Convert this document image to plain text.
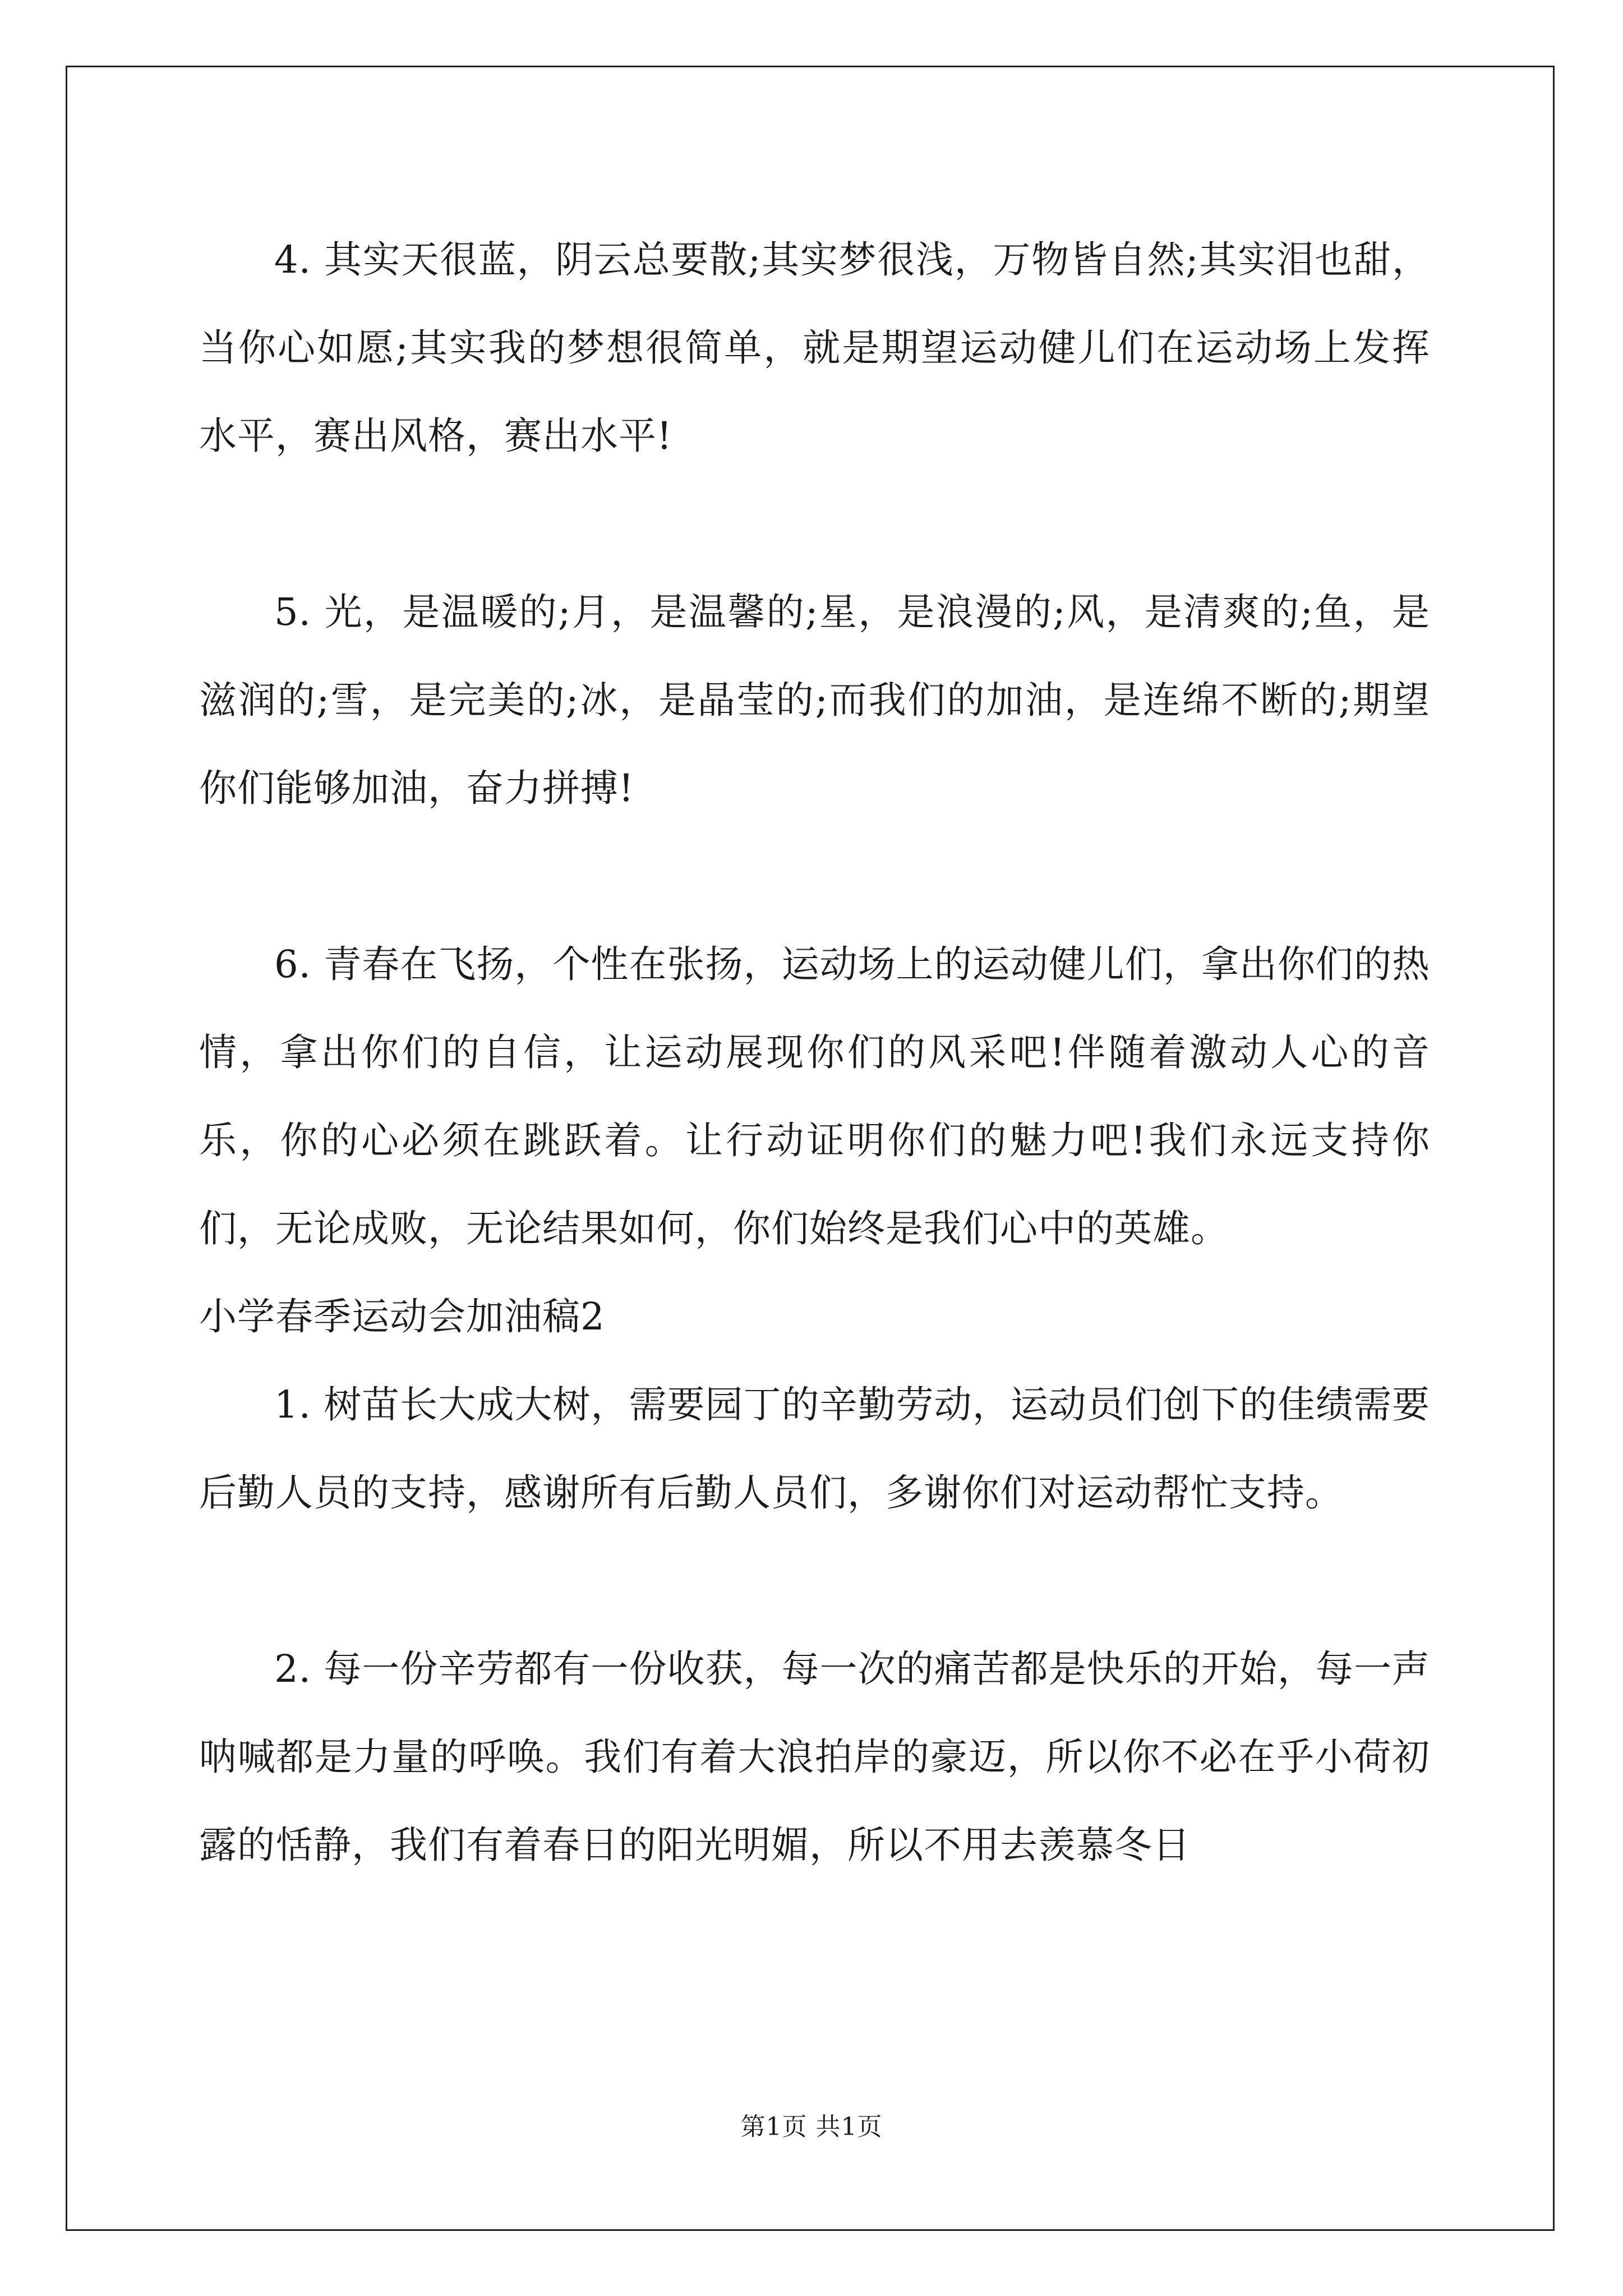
4. 其实天很蓝，阴云总要散;其实梦很浅，万物皆自然;其实泪也甜，当你心如愿;其实我的梦想很简单，就是期望运动健儿们在运动场上发挥水平，赛出风格，赛出水平!

5. 光，是温暖的;月，是温馨的;星，是浪漫的;风，是清爽的;鱼，是滋润的;雪，是完美的;冰，是晶莹的;而我们的加油，是连绵不断的;期望你们能够加油，奋力拼搏!

6. 青春在飞扬，个性在张扬，运动场上的运动健儿们，拿出你们的热情，拿出你们的自信，让运动展现你们的风采吧!伴随着激动人心的音乐，你的心必须在跳跃着。让行动证明你们的魅力吧!我们永远支持你们，无论成败，无论结果如何，你们始终是我们心中的英雄。

小学春季运动会加油稿2

1. 树苗长大成大树，需要园丁的辛勤劳动，运动员们创下的佳绩需要后勤人员的支持，感谢所有后勤人员们，多谢你们对运动帮忙支持。

2. 每一份辛劳都有一份收获，每一次的痛苦都是快乐的开始，每一声呐喊都是力量的呼唤。我们有着大浪拍岸的豪迈，所以你不必在乎小荷初露的恬静，我们有着春日的阳光明媚，所以不用去羡慕冬日

第1页 共1页
